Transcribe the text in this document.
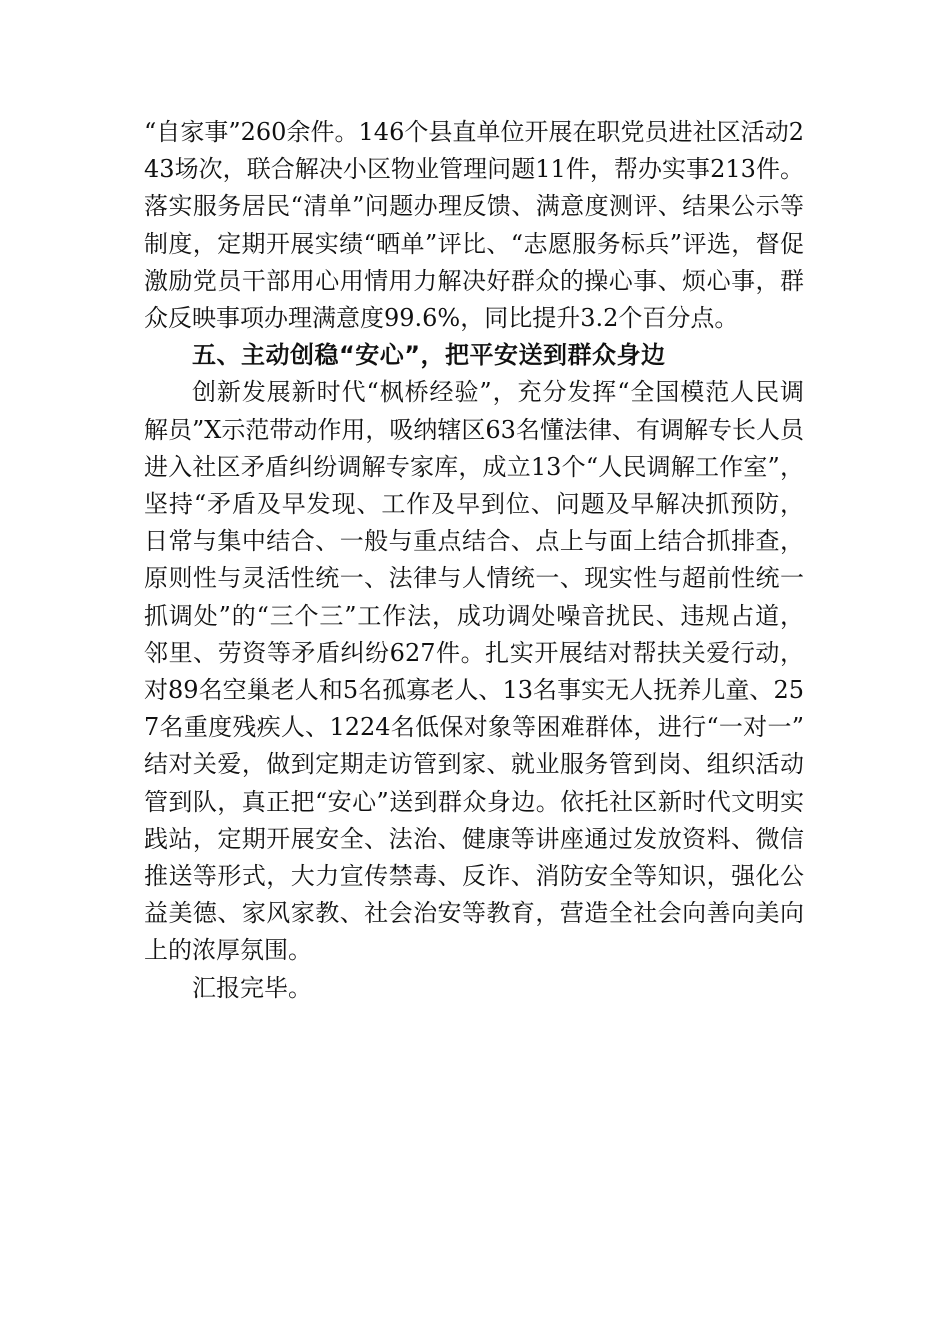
“自家事”260余件。146个县直单位开展在职党员进社区活动243场次，联合解决小区物业管理问题11件，帮办实事213件。落实服务居民“清单”问题办理反馈、满意度测评、结果公示等制度，定期开展实绩“晒单”评比、“志愿服务标兵”评选，督促激励党员干部用心用情用力解决好群众的操心事、烦心事，群众反映事项办理满意度99.6%，同比提升3.2个百分点。

五、主动创稳“安心”，把平安送到群众身边

创新发展新时代“枫桥经验”，充分发挥“全国模范人民调解员”X示范带动作用，吸纳辖区63名懂法律、有调解专长人员进入社区矛盾纠纷调解专家库，成立13个“人民调解工作室”，坚持“矛盾及早发现、工作及早到位、问题及早解决抓预防，日常与集中结合、一般与重点结合、点上与面上结合抓排查，原则性与灵活性统一、法律与人情统一、现实性与超前性统一抓调处”的“三个三”工作法，成功调处噪音扰民、违规占道，邻里、劳资等矛盾纠纷627件。扎实开展结对帮扶关爱行动，对89名空巢老人和5名孤寡老人、13名事实无人抚养儿童、257名重度残疾人、1224名低保对象等困难群体，进行“一对一”结对关爱，做到定期走访管到家、就业服务管到岗、组织活动管到队，真正把“安心”送到群众身边。依托社区新时代文明实践站，定期开展安全、法治、健康等讲座通过发放资料、微信推送等形式，大力宣传禁毒、反诈、消防安全等知识，强化公益美德、家风家教、社会治安等教育，营造全社会向善向美向上的浓厚氛围。

汇报完毕。
